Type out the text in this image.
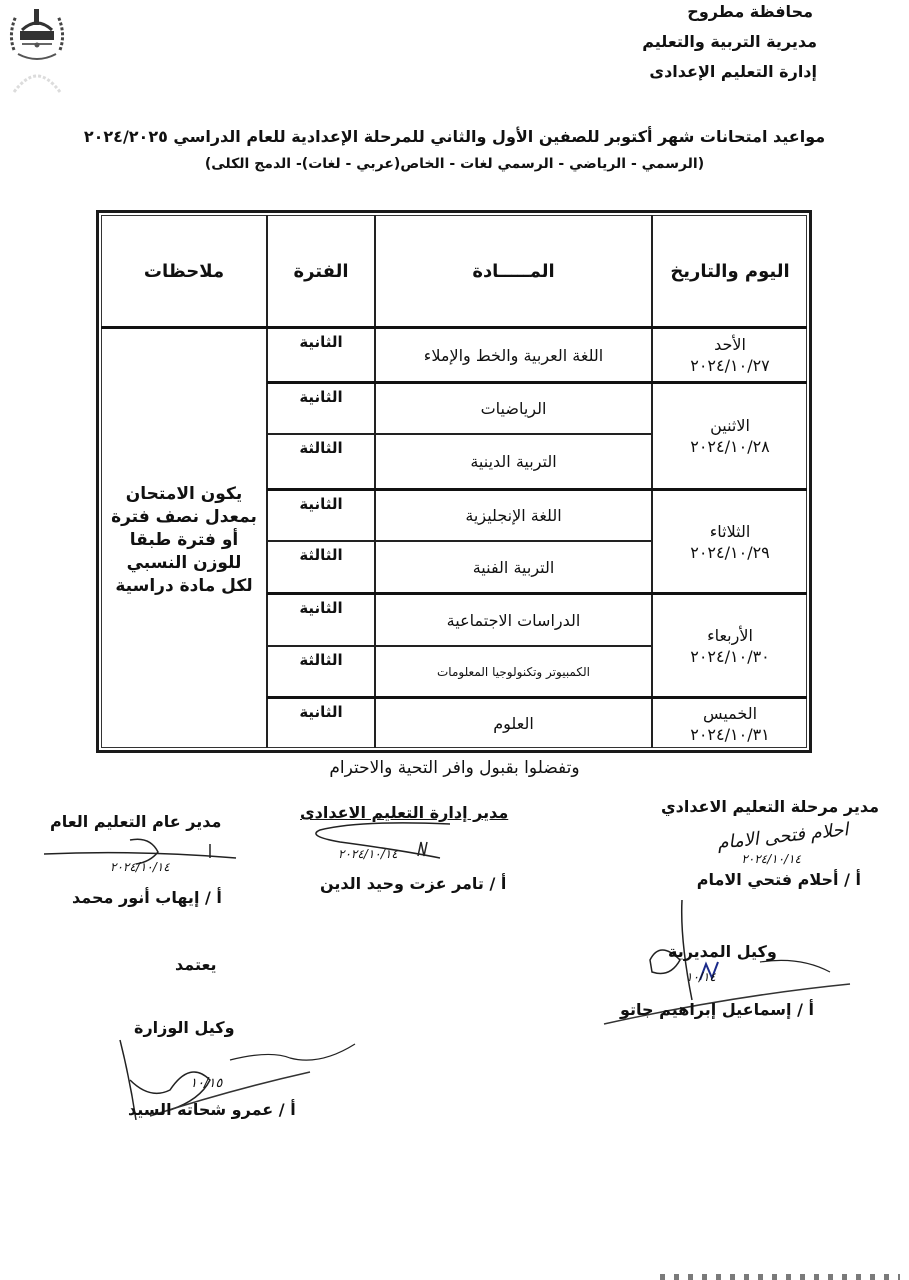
محافظة مطروح
مديرية التربية والتعليم
إدارة التعليم الإعدادى
مواعيد امتحانات شهر أكتوبر للصفين الأول والثاني للمرحلة الإعدادية للعام الدراسي ٢٠٢٤/٢٠٢٥
(الرسمي - الرياضي - الرسمي لغات - الخاص(عربي - لغات)- الدمج الكلى)
اليوم والتاريخ
المـــــادة
الفترة
ملاحظات
الأحد
٢٠٢٤/١٠/٢٧
اللغة العربية والخط والإملاء
الثانية
الاثنين
٢٠٢٤/١٠/٢٨
الرياضيات
الثانية
التربية الدينية
الثالثة
الثلاثاء
٢٠٢٤/١٠/٢٩
اللغة الإنجليزية
الثانية
التربية الفنية
الثالثة
الأربعاء
٢٠٢٤/١٠/٣٠
الدراسات الاجتماعية
الثانية
الكمبيوتر وتكنولوجيا المعلومات
الثالثة
الخميس
٢٠٢٤/١٠/٣١
العلوم
الثانية
يكون الامتحان بمعدل نصف فترة أو فترة طبقا للوزن النسبي لكل مادة دراسية
وتفضلوا بقبول وافر التحية والاحترام
مدير مرحلة التعليم الاعدادي
احلام فتحى الامام
٢٠٢٤/١٠/١٤
أ / أحلام فتحي الامام
مدير إدارة التعليم الاعدادى
٢٠٢٤/١٠/١٤
أ / تامر عزت وحيد الدين
مدير عام التعليم العام
٢٠٢٤/١٠/١٤
أ / إيهاب أنور محمد
وكيل المديرية
١٠/١٤
أ / إسماعيل إبراهيم جاتو
يعتمد
وكيل الوزارة
١٠/١٥
أ / عمرو شحاته السيد
